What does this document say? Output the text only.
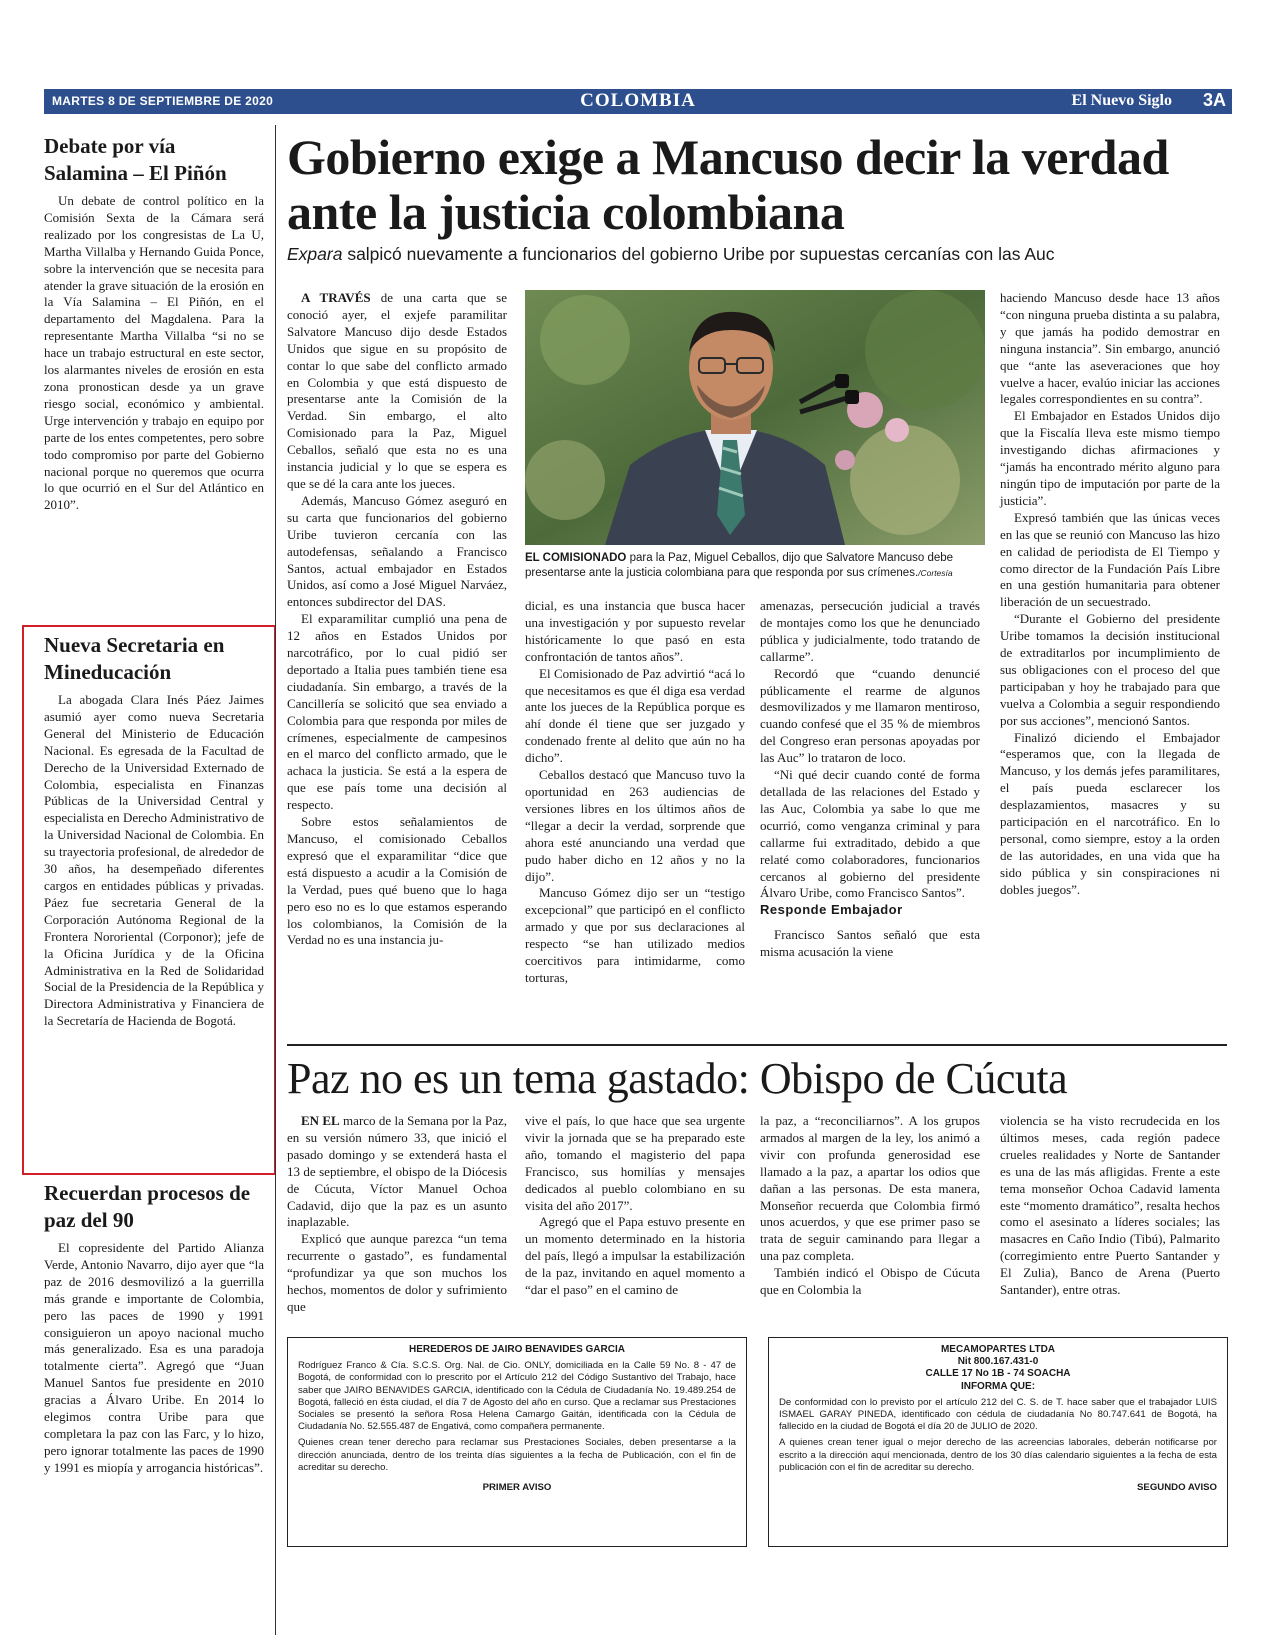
MARTES 8 DE SEPTIEMBRE DE 2020	COLOMBIA	El Nuevo Siglo 3A
Debate por vía Salamina – El Piñón
Un debate de control político en la Comisión Sexta de la Cámara será realizado por los congresistas de La U, Martha Villalba y Hernando Guida Ponce, sobre la intervención que se necesita para atender la grave situación de la erosión en la Vía Salamina – El Piñón, en el departamento del Magdalena. Para la representante Martha Villalba “si no se hace un trabajo estructural en este sector, los alarmantes niveles de erosión en esta zona pronostican desde ya un grave riesgo social, económico y ambiental. Urge intervención y trabajo en equipo por parte de los entes competentes, pero sobre todo compromiso por parte del Gobierno nacional porque no queremos que ocurra lo que ocurrió en el Sur del Atlántico en 2010”.
Nueva Secretaria en Mineducación
La abogada Clara Inés Páez Jaimes asumió ayer como nueva Secretaria General del Ministerio de Educación Nacional. Es egresada de la Facultad de Derecho de la Universidad Externado de Colombia, especialista en Finanzas Públicas de la Universidad Central y especialista en Derecho Administrativo de la Universidad Nacional de Colombia. En su trayectoria profesional, de alrededor de 30 años, ha desempeñado diferentes cargos en entidades públicas y privadas. Páez fue secretaria General de la Corporación Autónoma Regional de la Frontera Nororiental (Corponor); jefe de la Oficina Jurídica y de la Oficina Administrativa en la Red de Solidaridad Social de la Presidencia de la República y Directora Administrativa y Financiera de la Secretaría de Hacienda de Bogotá.
Recuerdan procesos de paz del 90
El copresidente del Partido Alianza Verde, Antonio Navarro, dijo ayer que “la paz de 2016 desmovilizó a la guerrilla más grande e importante de Colombia, pero las paces de 1990 y 1991 consiguieron un apoyo nacional mucho más generalizado. Esa es una paradoja totalmente cierta”. Agregó que “Juan Manuel Santos fue presidente en 2010 gracias a Álvaro Uribe. En 2014 lo elegimos contra Uribe para que completara la paz con las Farc, y lo hizo, pero ignorar totalmente las paces de 1990 y 1991 es miopía y arrogancia históricas”.
Gobierno exige a Mancuso decir la verdad ante la justicia colombiana
Expara salpicó nuevamente a funcionarios del gobierno Uribe por supuestas cercanías con las Auc
A TRAVÉS de una carta que se conoció ayer, el exjefe paramilitar Salvatore Mancuso dijo desde Estados Unidos que sigue en su propósito de contar lo que sabe del conflicto armado en Colombia y que está dispuesto de presentarse ante la Comisión de la Verdad. Sin embargo, el alto Comisionado para la Paz, Miguel Ceballos, señaló que esta no es una instancia judicial y lo que se espera es que se dé la cara ante los jueces.
Además, Mancuso Gómez aseguró en su carta que funcionarios del gobierno Uribe tuvieron cercanía con las autodefensas, señalando a Francisco Santos, actual embajador en Estados Unidos, así como a José Miguel Narváez, entonces subdirector del DAS.
El exparamilitar cumplió una pena de 12 años en Estados Unidos por narcotráfico, por lo cual pidió ser deportado a Italia pues también tiene esa ciudadanía. Sin embargo, a través de la Cancillería se solicitó que sea enviado a Colombia para que responda por miles de crímenes, especialmente de campesinos en el marco del conflicto armado, que le achaca la justicia. Se está a la espera de que ese país tome una decisión al respecto.
Sobre estos señalamientos de Mancuso, el comisionado Ceballos expresó que el exparamilitar “dice que está dispuesto a acudir a la Comisión de la Verdad, pues qué bueno que lo haga pero eso no es lo que estamos esperando los colombianos, la Comisión de la Verdad no es una instancia ju-
EL COMISIONADO para la Paz, Miguel Ceballos, dijo que Salvatore Mancuso debe presentarse ante la justicia colombiana para que responda por sus crímenes./Cortesía
dicial, es una instancia que busca hacer una investigación y por supuesto revelar históricamente lo que pasó en esta confrontación de tantos años”.
El Comisionado de Paz advirtió “acá lo que necesitamos es que él diga esa verdad ante los jueces de la República porque es ahí donde él tiene que ser juzgado y condenado frente al delito que aún no ha dicho”.
Ceballos destacó que Mancuso tuvo la oportunidad en 263 audiencias de versiones libres en los últimos años de “llegar a decir la verdad, sorprende que ahora esté anunciando una verdad que pudo haber dicho en 12 años y no la dijo”.
Mancuso Gómez dijo ser un “testigo excepcional” que participó en el conflicto armado y que por sus declaraciones al respecto “se han utilizado medios coercitivos para intimidarme, como torturas,
amenazas, persecución judicial a través de montajes como los que he denunciado pública y judicialmente, todo tratando de callarme”.
Recordó que “cuando denuncié públicamente el rearme de algunos desmovilizados y me llamaron mentiroso, cuando confesé que el 35 % de miembros del Congreso eran personas apoyadas por las Auc” lo trataron de loco.
“Ni qué decir cuando conté de forma detallada de las relaciones del Estado y las Auc, Colombia ya sabe lo que me ocurrió, como venganza criminal y para callarme fui extraditado, debido a que relaté como colaboradores, funcionarios cercanos al gobierno del presidente Álvaro Uribe, como Francisco Santos”.
Responde Embajador
Francisco Santos señaló que esta misma acusación la viene
haciendo Mancuso desde hace 13 años “con ninguna prueba distinta a su palabra, y que jamás ha podido demostrar en ninguna instancia”. Sin embargo, anunció que “ante las aseveraciones que hoy vuelve a hacer, evalúo iniciar las acciones legales correspondientes en su contra”.
El Embajador en Estados Unidos dijo que la Fiscalía lleva este mismo tiempo investigando dichas afirmaciones y “jamás ha encontrado mérito alguno para ningún tipo de imputación por parte de la justicia”.
Expresó también que las únicas veces en las que se reunió con Mancuso las hizo en calidad de periodista de El Tiempo y como director de la Fundación País Libre en una gestión humanitaria para obtener liberación de un secuestrado.
“Durante el Gobierno del presidente Uribe tomamos la decisión institucional de extraditarlos por incumplimiento de sus obligaciones con el proceso del que participaban y hoy he trabajado para que vuelva a Colombia a seguir respondiendo por sus acciones”, mencionó Santos.
Finalizó diciendo el Embajador “esperamos que, con la llegada de Mancuso, y los demás jefes paramilitares, el país pueda esclarecer los desplazamientos, masacres y su participación en el narcotráfico. En lo personal, como siempre, estoy a la orden de las autoridades, en una vida que ha sido pública y sin conspiraciones ni dobles juegos”.
Paz no es un tema gastado: Obispo de Cúcuta
EN EL marco de la Semana por la Paz, en su versión número 33, que inició el pasado domingo y se extenderá hasta el 13 de septiembre, el obispo de la Diócesis de Cúcuta, Víctor Manuel Ochoa Cadavid, dijo que la paz es un asunto inaplazable.
Explicó que aunque parezca “un tema recurrente o gastado”, es fundamental “profundizar ya que son muchos los hechos, momentos de dolor y sufrimiento que
vive el país, lo que hace que sea urgente vivir la jornada que se ha preparado este año, tomando el magisterio del papa Francisco, sus homilías y mensajes dedicados al pueblo colombiano en su visita del año 2017”.
Agregó que el Papa estuvo presente en un momento determinado en la historia del país, llegó a impulsar la estabilización de la paz, invitando en aquel momento a “dar el paso” en el camino de
la paz, a “reconciliarnos”. A los grupos armados al margen de la ley, los animó a vivir con profunda generosidad ese llamado a la paz, a apartar los odios que dañan a las personas. De esta manera, Monseñor recuerda que Colombia firmó unos acuerdos, y que ese primer paso se trata de seguir caminando para llegar a una paz completa.
También indicó el Obispo de Cúcuta que en Colombia la
violencia se ha visto recrudecida en los últimos meses, cada región padece crueles realidades y Norte de Santander es una de las más afligidas. Frente a este tema monseñor Ochoa Cadavid lamenta este “momento dramático”, resalta hechos como el asesinato a líderes sociales; las masacres en Caño Indio (Tibú), Palmarito (corregimiento entre Puerto Santander y El Zulia), Banco de Arena (Puerto Santander), entre otras.
HEREDEROS DE JAIRO BENAVIDES GARCIA

Rodríguez Franco & Cía. S.C.S. Org. Nal. de Cio. ONLY, domiciliada en la Calle 59 No. 8 - 47 de Bogotá, de conformidad con lo prescrito por el Artículo 212 del Código Sustantivo del Trabajo, hace saber que JAIRO BENAVIDES GARCIA, identificado con la Cédula de Ciudadanía No. 19.489.254 de Bogotá, falleció en ésta ciudad, el día 7 de Agosto del año en curso. Que a reclamar sus Prestaciones Sociales se presentó la señora Rosa Helena Camargo Gaitán, identificada con la Cédula de Ciudadanía No. 52.555.487 de Engativá, como compañera permanente.

Quienes crean tener derecho para reclamar sus Prestaciones Sociales, deben presentarse a la dirección anunciada, dentro de los treinta días siguientes a la fecha de Publicación, con el fin de acreditar su derecho.

PRIMER AVISO
MECAMOPARTES LTDA
Nit 800.167.431-0
CALLE 17 No 1B - 74 SOACHA
INFORMA QUE:

De conformidad con lo previsto por el artículo 212 del C. S. de T. hace saber que el trabajador LUIS ISMAEL GARAY PINEDA, identificado con cédula de ciudadanía No 80.747.641 de Bogotá, ha fallecido en la ciudad de Bogotá el día 20 de JULIO de 2020.

A quienes crean tener igual o mejor derecho de las acreencias laborales, deberán notificarse por escrito a la dirección aquí mencionada, dentro de los 30 días calendario siguientes a la fecha de esta publicación con el fin de acreditar su derecho.

SEGUNDO AVISO
